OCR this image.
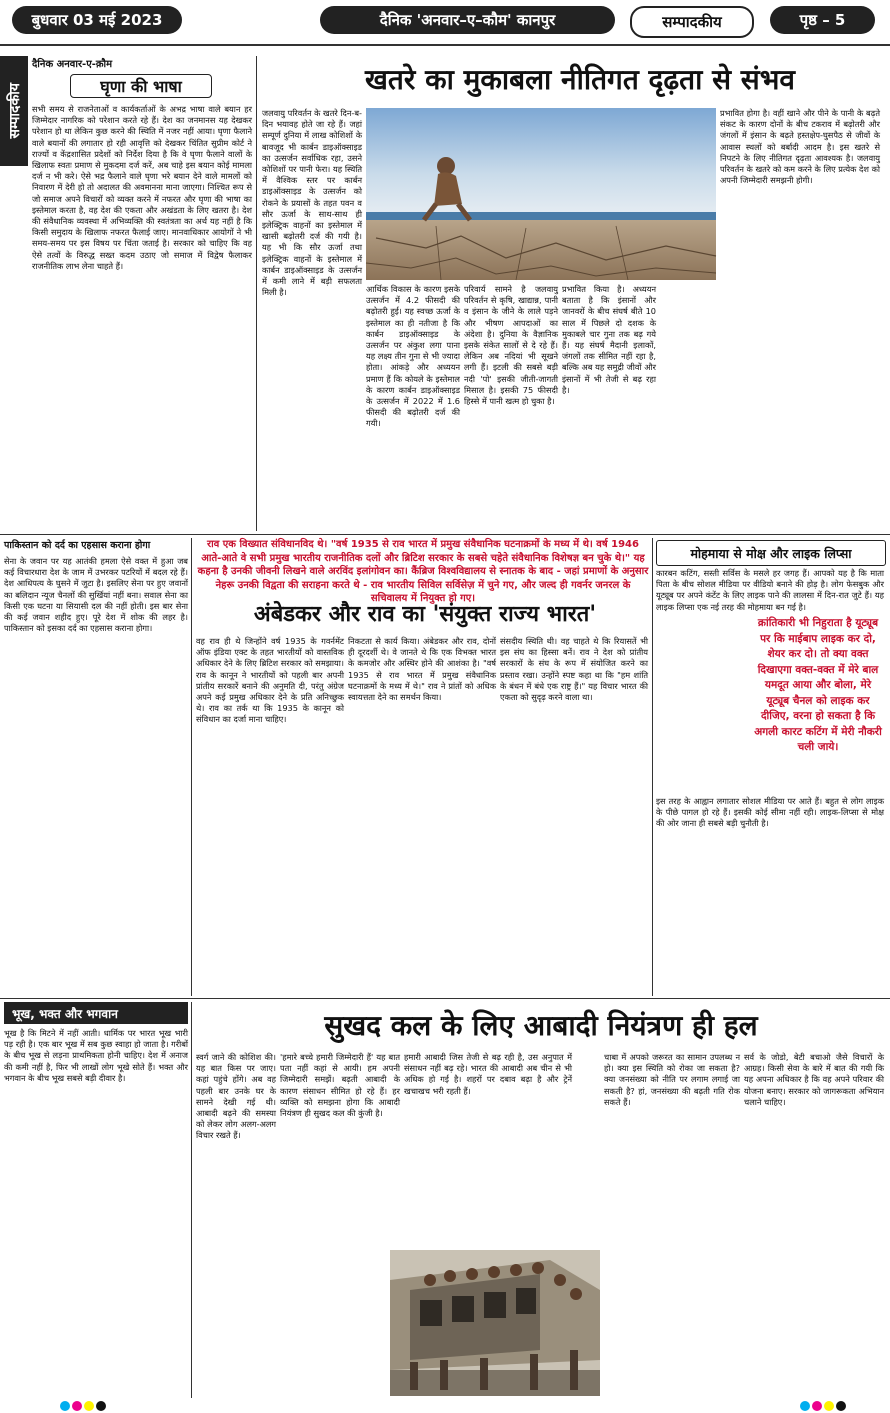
बुधवार 03 मई 2023	दैनिक 'अनवार–ए–कौम' कानपुर	सम्पादकीय	पृष्ठ – 5
सम्पादकीय
दैनिक अनवार-ए-क़ौम
घृणा की भाषा
सभी समय से राजनेताओं व कार्यकर्ताओं के अभद्र भाषा वाले बयान हर जिम्मेदार नागरिक को परेशान करते रहे हैं। देश का जनमानस यह देखकर परेशान हो था लेकिन कुछ करने की स्थिति में नजर नहीं आया। घृणा फैलाने वाले बयानों की लगातार हो रही आवृत्ति को देखकर चिंतित सुप्रीम कोर्ट ने राज्यों व केंद्रशासित प्रदेशों को निर्देश दिया है कि वे घृणा फैलाने वालों के खिलाफ स्वतः प्रमाण से मुकदमा दर्ज करें, अब चाहे इस बयान कोई मामला दर्ज न भी करे। ऐसे भद्र फैलाने वाले घृणा भरे बयान देने वाले मामलों को निवारण में देरी हो तो अदालत की अवमानना माना जाएगा। निश्चित रूप से जो समाज अपने विचारों को व्यक्त करने में नफरत और घृणा की भाषा का इस्तेमाल करता है, वह देश की एकता और अखंडता के लिए खतरा है। देश की संवैधानिक व्यवस्था में अभिव्यक्ति की स्वतंत्रता का अर्थ यह नहीं है कि किसी समुदाय के खिलाफ नफरत फैलाई जाए। मानवाधिकार आयोगों ने भी समय-समय पर इस विषय पर चिंता जताई है। सरकार को चाहिए कि वह ऐसे तत्वों के विरुद्ध सख्त कदम उठाए जो समाज में विद्वेष फैलाकर राजनीतिक लाभ लेना चाहते हैं।
खतरे का मुकाबला नीतिगत दृढ़ता से संभव
जलवायु परिवर्तन के खतरे दिन-ब-दिन भयावह होते जा रहे हैं। जहां सम्पूर्ण दुनिया में लाख कोशिशों के बावजूद भी कार्बन डाइऑक्साइड का उत्सर्जन सर्वाधिक रहा, उसने कोशिशों पर पानी फेरा। यह स्थिति में वैश्विक स्तर पर कार्बन डाइऑक्साइड के उत्सर्जन को रोकने के प्रयासों के तहत पवन व सौर ऊर्जा के साथ-साथ ही इलेक्ट्रिक वाहनों का इस्तेमाल में खासी बढ़ोतरी दर्ज की गयी है। यह भी कि सौर ऊर्जा तथा इलेक्ट्रिक वाहनों के इस्तेमाल में कार्बन डाइऑक्साइड के उत्सर्जन में कमी लाने में बड़ी सफलता मिली है।	आर्थिक विकास के कारण इसके उत्सर्जन में 4.2 फीसदी की बढ़ोतरी हुई। यह स्वच्छ ऊर्जा के इस्तेमाल का ही नतीजा है कि कार्बन डाइऑक्साइड के उत्सर्जन पर अंकुश लगा पाना यह लक्ष्य तीन गुना से भी ज्यादा होता। आंकड़े और अध्ययन प्रमाण हैं कि कोयले के इस्तेमाल के कारण कार्बन डाइऑक्साइड के उत्सर्जन में 2022 में 1.6 फीसदी की बढ़ोतरी दर्ज की गयी।
परिवार्य सामने है जलवायु परिवर्तन से कृषि, खाद्यान्न, पानी व इंसान के जीने के लाले पड़ने और भीषण आपदाओं का अंदेशा है। दुनिया के वैज्ञानिक इसके संकेत सालों से दे रहे हैं। लेकिन अब नदियां भी सूखने लगी हैं। इटली की सबसे बड़ी नदी 'पो' इसकी जीती-जागती मिसाल है। इसकी 75 फीसदी हिस्से में पानी खत्म हो चुका है।
प्रभावित किया है। अध्ययन बताता है कि इंसानों और जानवरों के बीच संघर्ष बीते 10 साल में पिछले दो दशक के मुकाबले चार गुना तक बढ़ गये हैं। यह संघर्ष मैदानी इलाकों, जंगलों तक सीमित नहीं रहा है, बल्कि अब यह समुद्री जीवों और इंसानों में भी तेजी से बढ़ रहा है।
प्रभावित होगा है। वहीं खाने और पीने के पानी के बढ़ते संकट के कारण दोनों के बीच टकराव में बढ़ोतरी और जंगलों में इंसान के बढ़ते हस्तक्षेप-घुसपैठ से जीवों के आवास स्थलों को बर्बादी आदम है। इस खतरे से निपटने के लिए नीतिगत दृढ़ता आवश्यक है। जलवायु परिवर्तन के खतरे को कम करने के लिए प्रत्येक देश को अपनी जिम्मेदारी समझनी होगी।
राव एक विख्यात संविधानविद थे। "वर्ष 1935 से राव भारत में प्रमुख संवैधानिक घटनाक्रमों के मध्य में थे। वर्ष 1946 आते-आते वे सभी प्रमुख भारतीय राजनीतिक दलों और ब्रिटिश सरकार के सबसे चहेते संवैधानिक विशेषज्ञ बन चुके थे।" यह कहना है उनकी जीवनी लिखने वाले अरविंद इलांगोवन का। कैंब्रिज विश्वविद्यालय से स्नातक के बाद - जहां प्रमाणों के अनुसार नेहरू उनकी विद्वता की सराहना करते थे - राव भारतीय सिविल सर्विसेज़ में चुने गए, और जल्द ही गवर्नर जनरल के सचिवालय में नियुक्त हो गए।
पाकिस्तान को दर्द का एहसास कराना होगा
सेना के जवान पर यह आतंकी हमला ऐसे वक्त में हुआ जब कई विचारधारा देश के जाम में उभरकर पटरियों में बदल रहे हैं। देश आधिपत्य के घुसने में जुटा है। इसलिए सेना पर हुए जवानों का बलिदान न्यूज चैनलों की सुर्खियां नहीं बना। सवाल सेना का किसी एक घटना या सियासी दल की नहीं होती। इस बार सेना की कई जवान शहीद हुए। पूरे देश में शोक की लहर है। पाकिस्तान को इसका दर्द का एहसास कराना होगा।
अंबेडकर और राव का 'संयुक्त राज्य भारत'
वह राव ही थे जिन्होंने वर्ष 1935 के गवर्नमेंट ऑफ इंडिया एक्ट के तहत भारतीयों को वास्तविक अधिकार देने के लिए ब्रिटिश सरकार को समझाया। राव के कानून ने भारतीयों को पहली बार अपनी प्रांतीय सरकारें बनाने की अनुमति दी, परंतु अंग्रेज अपने कई प्रमुख अधिकार देने के प्रति अनिच्छुक थे। राव का तर्क था कि 1935 के कानून को संविधान का दर्जा माना चाहिए।
निकटता से कार्य किया। अंबेडकर और राव, दोनों ही दूरदर्शी थे। वे जानते थे कि एक विभक्त भारत के कमजोर और अस्थिर होने की आशंका है। "वर्ष 1935 से राव भारत में प्रमुख संवैधानिक घटनाक्रमों के मध्य में थे।" राव ने प्रांतों को अधिक स्वायत्तता देने का समर्थन किया।
संसदीय स्थिति थी। वह चाहते थे कि रियासतें भी इस संघ का हिस्सा बनें। राव ने देश को प्रांतीय सरकारों के संघ के रूप में संयोजित करने का प्रस्ताव रखा। उन्होंने स्पष्ट कहा था कि "हम शांति के बंधन में बंधे एक राष्ट्र हैं।" यह विचार भारत की एकता को सुदृढ़ करने वाला था।
मोहमाया से मोक्ष और लाइक लिप्सा
कारबन कटिंग, सस्ती सर्विस के मसले हर जगह हैं। आपको यह है कि माता पिता के बीच सोशल मीडिया पर वीडियो बनाने की होड़ है। लोग फेसबुक और यूट्यूब पर अपने कंटेंट के लिए लाइक पाने की लालसा में दिन-रात जुटे हैं। यह लाइक लिप्सा एक नई तरह की मोहमाया बन गई है।
क्रांतिकारी भी निहुराता है यूट्यूब पर कि माईबाप लाइक कर दो, शेयर कर दो। तो क्या वक्त दिखाएगा वक्त-वक्त में मेरे बाल यमदूत आया और बोला, मेरे यूट्यूब चैनल को लाइक कर दीजिए, वरना हो सकता है कि अगली कारट कटिंग में मेरी नौकरी चली जाये।
इस तरह के आह्वान लगातार सोशल मीडिया पर आते हैं। बहुत से लोग लाइक के पीछे पागल हो रहे हैं। इसकी कोई सीमा नहीं रही। लाइक-लिप्सा से मोक्ष की ओर जाना ही सबसे बड़ी चुनौती है।
भूख, भक्त और भगवान
भूख है कि मिटने में नहीं आती। धार्मिक पर भारत भूख भारी पड़ रही है। एक बार भूख में सब कुछ स्वाहा हो जाता है। गरीबों के बीच भूख से लड़ना प्राथमिकता होनी चाहिए। देश में अनाज की कमी नहीं है, फिर भी लाखों लोग भूखे सोते हैं। भक्त और भगवान के बीच भूख सबसे बड़ी दीवार है।
सुखद कल के लिए आबादी नियंत्रण ही हल
स्वर्ग जाने की कोशिश की। यह बात किस पर जाए। कहां पहुंचे होंगे। अब वह पहली बार उनके घर के सामने देखी गई थी। आबादी बढ़ने की समस्या को लेकर लोग अलग-अलग विचार रखते हैं।
'हमारे बच्चे हमारी जिम्मेदारी हैं' यह बात पता नहीं कहां से आयी। हम अपनी जिम्मेदारी समझें। बढ़ती आबादी के कारण संसाधन सीमित हो रहे हैं। हर व्यक्ति को समझना होगा कि आबादी नियंत्रण ही सुखद कल की कुंजी है।
हमारी आबादी जिस तेजी से बढ़ रही है, उस अनुपात में संसाधन नहीं बढ़ रहे। भारत की आबादी अब चीन से भी अधिक हो गई है। शहरों पर दबाव बढ़ा है और ट्रेनें खचाखच भरी रहती हैं।
चाबा में अपको जरूरत का सामान उपलब्ध न हो। क्या इस स्थिति को रोका जा सकता है? क्या जनसंख्या को नीति पर लगाम लगाई जा सकती है? हां, जनसंख्या की बढ़ती गति रोक सकते हैं।
सर्व के जोडो, बेटी बचाओ जैसे विचारों के आग्रह। किसी सेवा के बारे में बात की गयी कि यह अपना अधिकार है कि वह अपने परिवार की योजना बनाए। सरकार को जागरूकता अभियान चलाने चाहिए।
